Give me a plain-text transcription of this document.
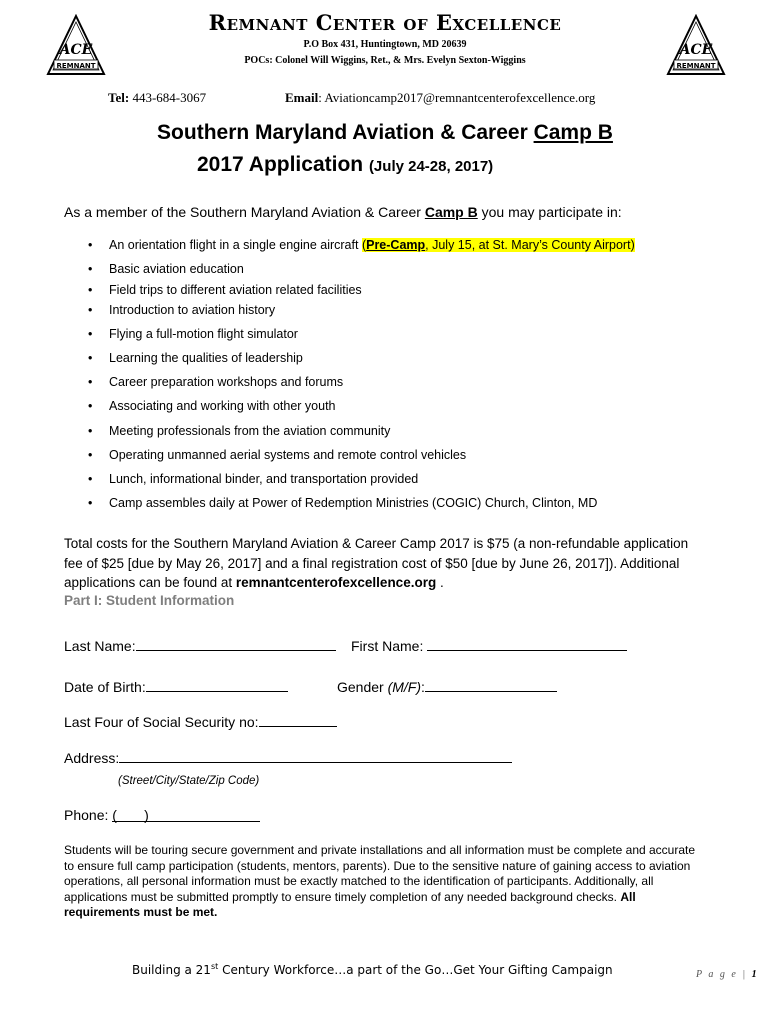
ACE
REMNANT
ACE
REMNANT
Remnant Center of Excellence
P.O Box 431, Huntingtown, MD 20639
POCs: Colonel Will Wiggins, Ret., & Mrs. Evelyn Sexton-Wiggins
Tel: 443-684-3067	Email: Aviationcamp2017@remnantcenterofexcellence.org
Southern Maryland Aviation & Career Camp B
2017 Application (July 24-28, 2017)
As a member of the Southern Maryland Aviation & Career Camp B you may participate in:
• An orientation flight in a single engine aircraft (Pre-Camp, July 15, at St. Mary’s County Airport)
• Basic aviation education
• Field trips to different aviation related facilities
• Introduction to aviation history
• Flying a full-motion flight simulator
• Learning the qualities of leadership
• Career preparation workshops and forums
• Associating and working with other youth
• Meeting professionals from the aviation community
• Operating unmanned aerial systems and remote control vehicles
• Lunch, informational binder, and transportation provided
• Camp assembles daily at Power of Redemption Ministries (COGIC) Church, Clinton, MD
Total costs for the Southern Maryland Aviation & Career Camp 2017 is $75 (a non-refundable application fee of $25 [due by May 26, 2017] and a final registration cost of $50 [due by June 26, 2017]). Additional applications can be found at remnantcenterofexcellence.org .
Part I: Student Information
Last Name:	First Name:
Date of Birth:	Gender (M/F):
Last Four of Social Security no:
Address:
(Street/City/State/Zip Code)
Phone: (       )
Students will be touring secure government and private installations and all information must be complete and accurate to ensure full camp participation (students, mentors, parents). Due to the sensitive nature of gaining access to aviation operations, all personal information must be exactly matched to the identification of participants. Additionally, all applications must be submitted promptly to ensure timely completion of any needed background checks. All requirements must be met.
Building a 21st Century Workforce…a part of the Go…Get Your Gifting Campaign	P a g e | 1
